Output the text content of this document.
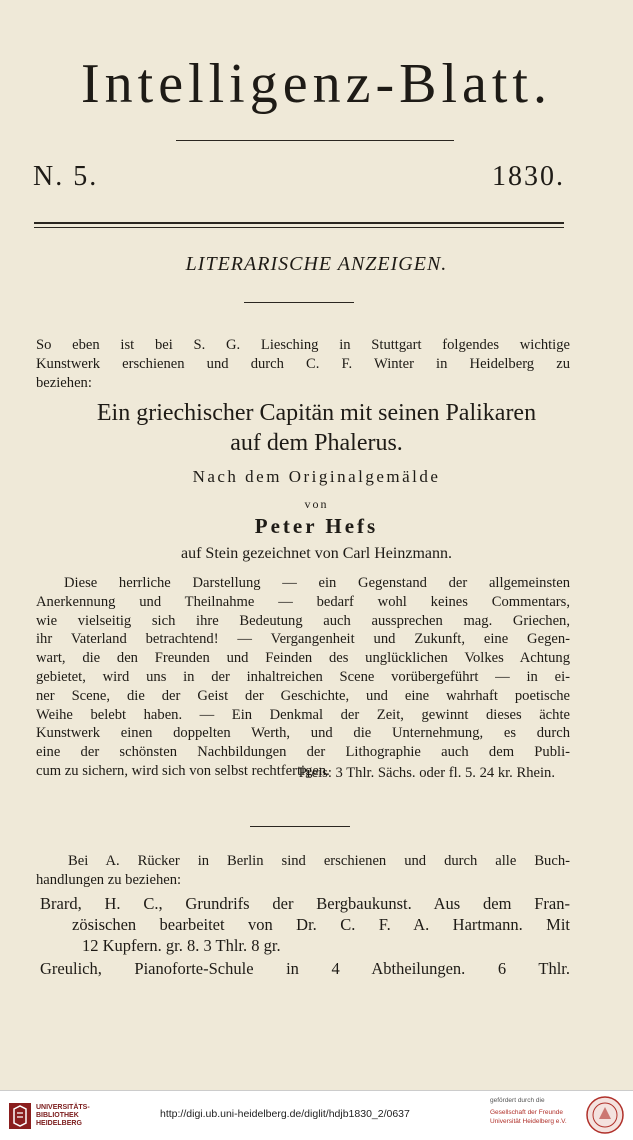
Intelligenz-Blatt.
N. 5.	1830.
LITERARISCHE ANZEIGEN.
So eben ist bei S. G. Liesching in Stuttgart folgendes wichtige
Kunstwerk erschienen und durch C. F. Winter in Heidelberg zu
beziehen:
Ein griechischer Capitän mit seinen Palikaren
auf dem Phalerus.
Nach dem Originalgemälde
von
Peter Hefs
auf Stein gezeichnet von Carl Heinzmann.
Diese herrliche Darstellung — ein Gegenstand der allgemeinsten
Anerkennung und Theilnahme — bedarf wohl keines Commentars,
wie vielseitig sich ihre Bedeutung auch aussprechen mag. Griechen,
ihr Vaterland betrachtend! — Vergangenheit und Zukunft, eine Gegen-
wart, die den Freunden und Feinden des unglücklichen Volkes Achtung
gebietet, wird uns in der inhaltreichen Scene vorübergeführt — in ei-
ner Scene, die der Geist der Geschichte, und eine wahrhaft poetische
Weihe belebt haben. — Ein Denkmal der Zeit, gewinnt dieses ächte
Kunstwerk einen doppelten Werth, und die Unternehmung, es durch
eine der schönsten Nachbildungen der Lithographie auch dem Publi-
cum zu sichern, wird sich von selbst rechtfertigen.
Preis: 3 Thlr. Sächs. oder fl. 5. 24 kr. Rhein.
Bei A. Rücker in Berlin sind erschienen und durch alle Buch-
handlungen zu beziehen:
Brard, H. C., Grundrifs der Bergbaukunst. Aus dem Fran-
zösischen bearbeitet von Dr. C. F. A. Hartmann. Mit
12 Kupfern. gr. 8. 3 Thlr. 8 gr.
Greulich, Pianoforte-Schule in 4 Abtheilungen. 6 Thlr.
UNIVERSITÄTS-
BIBLIOTHEK
HEIDELBERG
http://digi.ub.uni-heidelberg.de/diglit/hdjb1830_2/0637
gefördert durch die
Gesellschaft der Freunde
Universität Heidelberg e.V.
